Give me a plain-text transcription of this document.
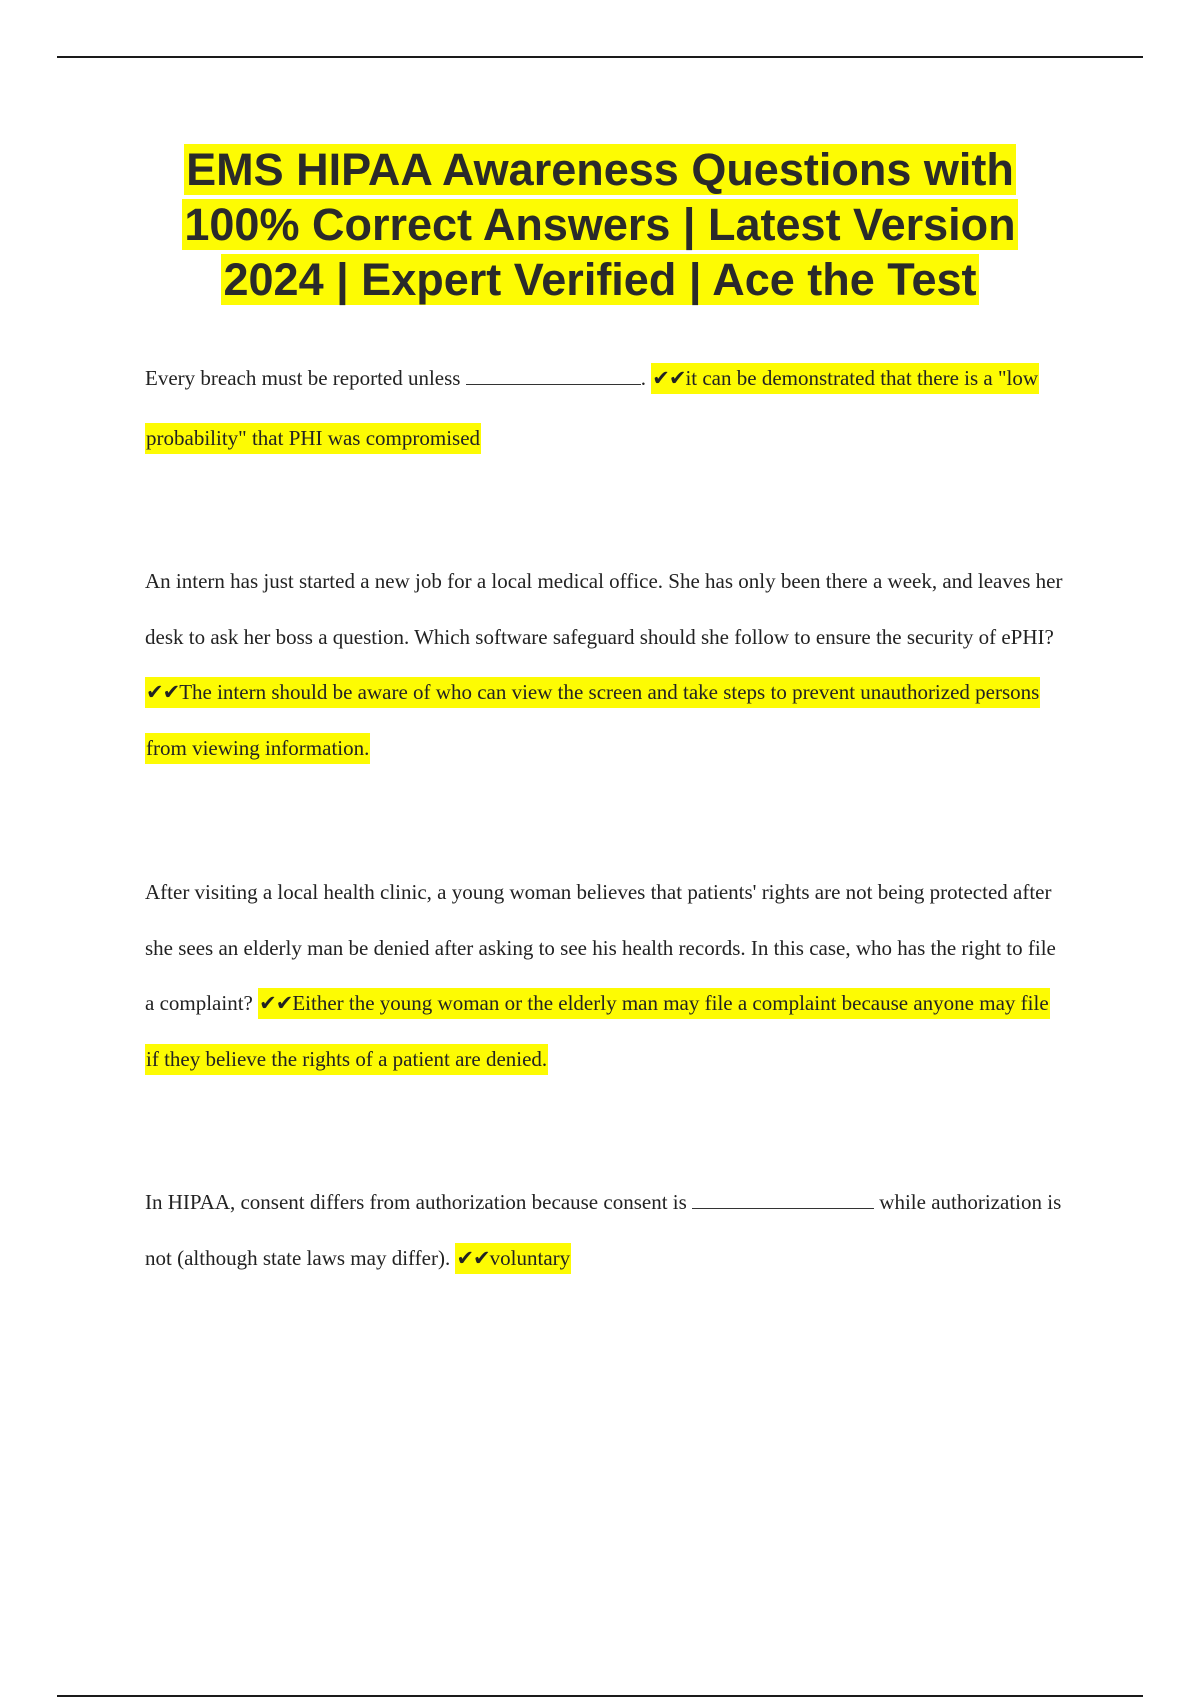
EMS HIPAA Awareness Questions with 100% Correct Answers | Latest Version 2024 | Expert Verified | Ace the Test
Every breach must be reported unless	. ✔✔it can be demonstrated that there is a "low probability" that PHI was compromised
An intern has just started a new job for a local medical office. She has only been there a week, and leaves her desk to ask her boss a question. Which software safeguard should she follow to ensure the security of ePHI? ✔✔The intern should be aware of who can view the screen and take steps to prevent unauthorized persons from viewing information.
After visiting a local health clinic, a young woman believes that patients' rights are not being protected after she sees an elderly man be denied after asking to see his health records. In this case, who has the right to file a complaint? ✔✔Either the young woman or the elderly man may file a complaint because anyone may file if they believe the rights of a patient are denied.
In HIPAA, consent differs from authorization because consent is	while authorization is not (although state laws may differ). ✔✔voluntary
